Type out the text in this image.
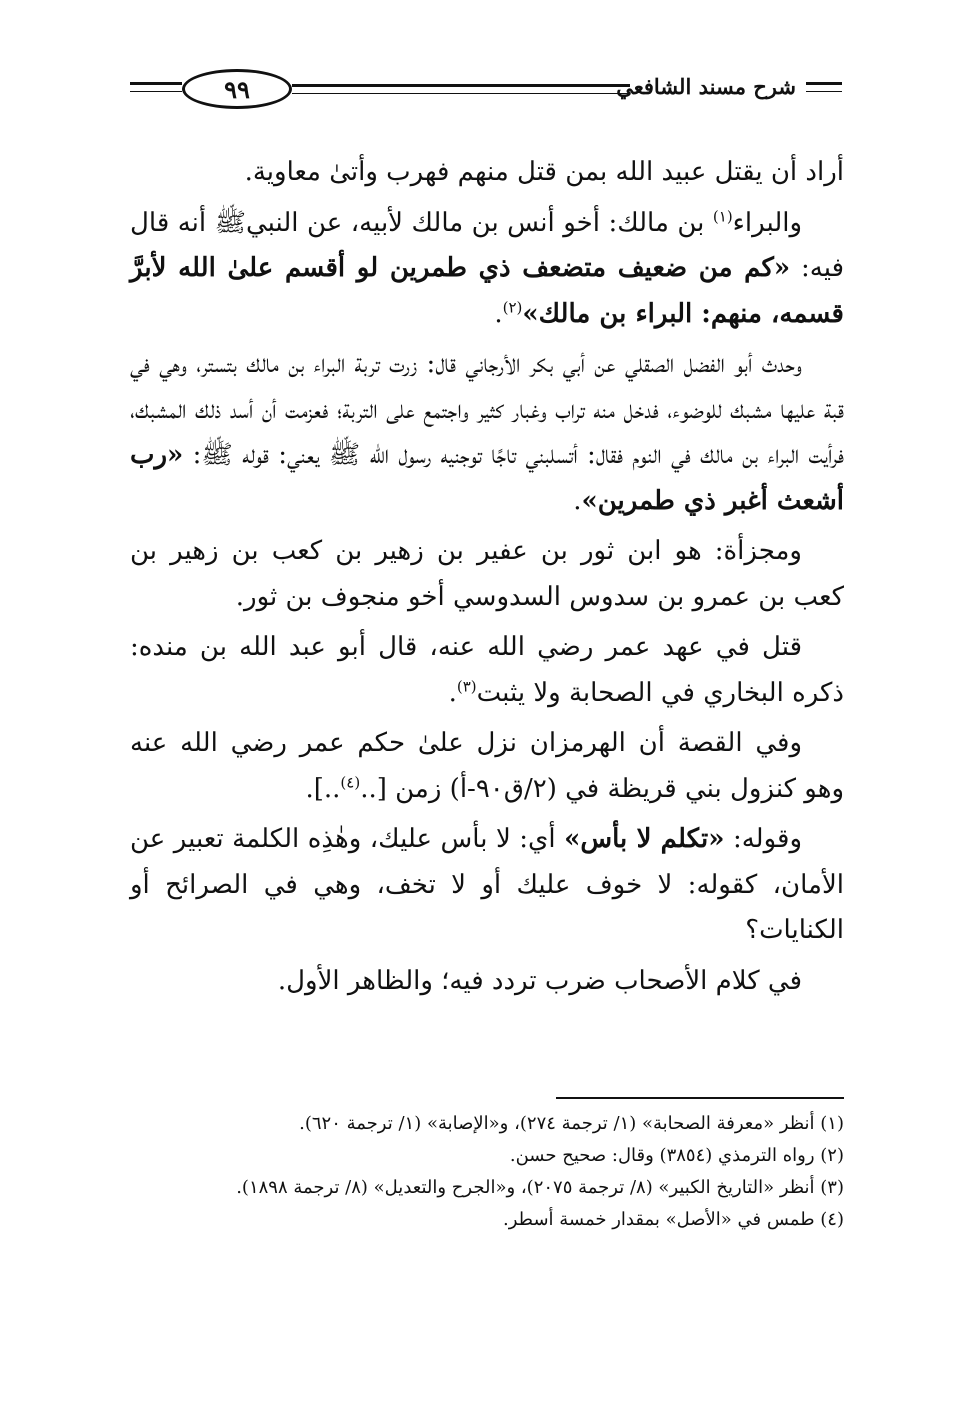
٩٩	شرح مسند الشافعي

أراد أن يقتل عبيد الله بمن قتل منهم فهرب وأتىٰ معاوية.

والبراء$^{(١)}$ بن مالك: أخو أنس بن مالك لأبيه، عن النبيﷺ أنه قال فيه: «كم من ضعيف متضعف ذي طمرين لو أقسم علىٰ الله لأبرَّ قسمه، منهم: البراء بن مالك»$^{(٢)}$.

وحدث أبو الفضل الصقلي عن أبي بكر الأرجاني قال: زرت تربة البراء بن مالك بتستر، وهي في قبة عليها مشبك للوضوء، فدخل منه تراب وغبار كثير واجتمع على التربة؛ فعزمت أن أسد ذلك المشبك، فرأيت البراء بن مالك في النوم فقال: أتسلبني تاجًا توجنيه رسول الله ﷺ يعني: قوله ﷺ: «رب أشعث أغبر ذي طمرين».

ومجزأة: هو ابن ثور بن عفير بن زهير بن كعب بن زهير بن كعب بن عمرو بن سدوس السدوسي أخو منجوف بن ثور.

قتل في عهد عمر رضي الله عنه، قال أبو عبد الله بن منده: ذكره البخاري في الصحابة ولا يثبت$^{(٣)}$.

وفي القصة أن الهرمزان نزل علىٰ حكم عمر رضي الله عنه وهو كنزول بني قريظة في (٢/ق٩٠-أ) زمن [..$^{(٤)}$..].

وقوله: «تكلم لا بأس» أي: لا بأس عليك، وهٰذِه الكلمة تعبير عن الأمان، كقوله: لا خوف عليك أو لا تخف، وهي في الصرائح أو الكنايات؟

في كلام الأصحاب ضرب تردد فيه؛ والظاهر الأول.

(١) أنظر «معرفة الصحابة» (١/ ترجمة ٢٧٤)، و«الإصابة» (١/ ترجمة ٦٢٠).
(٢) رواه الترمذي (٣٨٥٤) وقال: صحيح حسن.
(٣) أنظر «التاريخ الكبير» (٨/ ترجمة ٢٠٧٥)، و«الجرح والتعديل» (٨/ ترجمة ١٨٩٨).
(٤) طمس في «الأصل» بمقدار خمسة أسطر.
